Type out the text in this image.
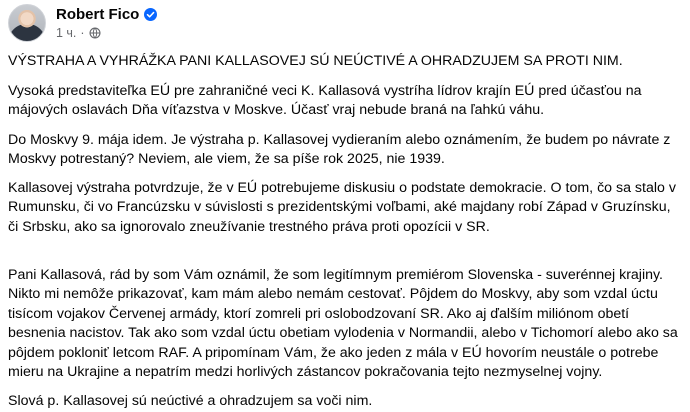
Robert Fico
1 ч. ·

VÝSTRAHA A VYHRÁŽKA PANI KALLASOVEJ SÚ NEÚCTIVÉ A OHRADZUJEM SA PROTI NIM.

Vysoká predstaviteľka EÚ pre zahraničné veci K. Kallasová vystríha lídrov krajín EÚ pred účasťou na májových oslavách Dňa víťazstva v Moskve. Účasť vraj nebude braná na ľahkú váhu.

Do Moskvy 9. mája idem. Je výstraha p. Kallasovej vydieraním alebo oznámením, že budem po návrate z Moskvy potrestaný? Neviem, ale viem, že sa píše rok 2025, nie 1939.

Kallasovej výstraha potvrdzuje, že v EÚ potrebujeme diskusiu o podstate demokracie. O tom, čo sa stalo v Rumunsku, či vo Francúzsku v súvislosti s prezidentskými voľbami, aké majdany robí Západ v Gruzínsku, či Srbsku, ako sa ignorovalo zneužívanie trestného práva proti opozícii v SR.

Pani Kallasová, rád by som Vám oznámil, že som legitímnym premiérom Slovenska - suverénnej krajiny. Nikto mi nemôže prikazovať, kam mám alebo nemám cestovať. Pôjdem do Moskvy, aby som vzdal úctu tisícom vojakov Červenej armády, ktorí zomreli pri oslobodzovaní SR. Ako aj ďalším miliónom obetí besnenia nacistov. Tak ako som vzdal úctu obetiam vylodenia v Normandii, alebo v Tichomorí alebo ako sa pôjdem pokloniť letcom RAF. A pripomínam Vám, že ako jeden z mála v EÚ hovorím neustále o potrebe mieru na Ukrajine a nepatrím medzi horlivých zástancov pokračovania tejto nezmyselnej vojny.

Slová p. Kallasovej sú neúctivé a ohradzujem sa voči nim.
